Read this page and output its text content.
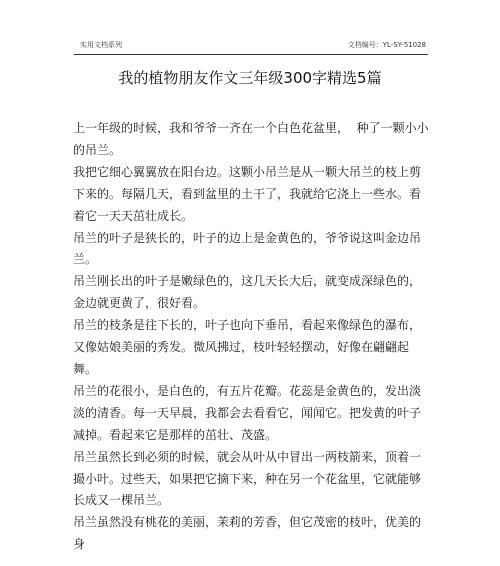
实用文档系列	文档编号：YL-SY-51028
我的植物朋友作文三年级300字精选5篇

上一年级的时候，我和爷爷一齐在一个白色花盆里，  种了一颗小小的吊兰。

我把它细心翼翼放在阳台边。这颗小吊兰是从一颗大吊兰的枝上剪下来的。每隔几天，看到盆里的土干了，我就给它浇上一些水。看着它一天天茁壮成长。

吊兰的叶子是狭长的，叶子的边上是金黄色的，爷爷说这叫金边吊兰。

吊兰刚长出的叶子是嫩绿色的，这几天长大后，就变成深绿色的，金边就更黄了，很好看。

吊兰的枝条是往下长的，叶子也向下垂吊，看起来像绿色的瀑布，又像姑娘美丽的秀发。微风拂过，枝叶轻轻摆动，好像在翩翩起舞。

吊兰的花很小，是白色的，有五片花瓣。花蕊是金黄色的，发出淡淡的清香。每一天早晨，我都会去看看它，闻闻它。把发黄的叶子减掉。看起来它是那样的茁壮、茂盛。

吊兰虽然长到必须的时候，就会从叶从中冒出一两枝箭来，顶着一撮小叶。过些天，如果把它摘下来，种在另一个花盆里，它就能够长成又一棵吊兰。

吊兰虽然没有桃花的美丽，茉莉的芳香，但它茂密的枝叶，优美的身
